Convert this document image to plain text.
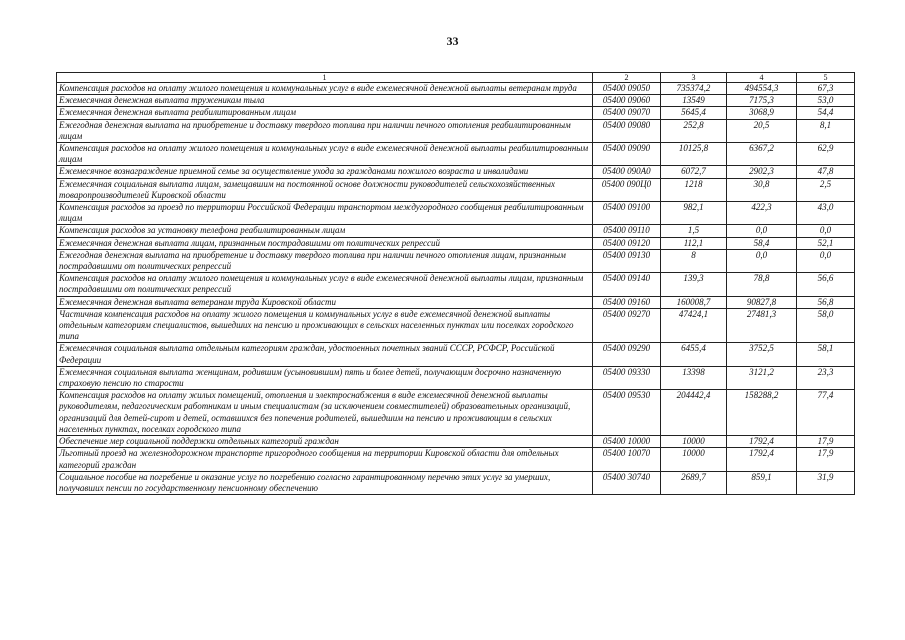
33
1	2	3	4	5
Компенсация расходов на оплату жилого помещения и коммунальных услуг в виде ежемесячной денежной выплаты ветеранам труда	05400 09050	735374,2	494554,3	67,3
Ежемесячная денежная выплата труженикам тыла	05400 09060	13549	7175,3	53,0
Ежемесячная денежная выплата реабилитированным лицам	05400 09070	5645,4	3068,9	54,4
Ежегодная денежная выплата на приобретение и доставку твердого топлива при наличии печного отопления реабилитированным лицам	05400 09080	252,8	20,5	8,1
Компенсация расходов на оплату жилого помещения и коммунальных услуг в виде ежемесячной денежной выплаты реабилитированным лицам	05400 09090	10125,8	6367,2	62,9
Ежемесячное вознаграждение приемной семье за осуществление ухода за гражданами пожилого возраста и инвалидами	05400 090А0	6072,7	2902,3	47,8
Ежемесячная социальная выплата лицам, замещавшим на постоянной основе должности руководителей сельскохозяйственных товаропроизводителей Кировской области	05400 090Ц0	1218	30,8	2,5
Компенсация расходов за проезд по территории Российской Федерации транспортом междугородного сообщения реабилитированным лицам	05400 09100	982,1	422,3	43,0
Компенсация расходов за установку телефона реабилитированным лицам	05400 09110	1,5	0,0	0,0
Ежемесячная денежная выплата лицам, признанным пострадавшими от политических репрессий	05400 09120	112,1	58,4	52,1
Ежегодная денежная выплата на приобретение и доставку твердого топлива при наличии печного отопления лицам, признанным пострадавшими от политических репрессий	05400 09130	8	0,0	0,0
Компенсация расходов на оплату жилого помещения и коммунальных услуг в виде ежемесячной денежной выплаты лицам, признанным пострадавшими от политических репрессий	05400 09140	139,3	78,8	56,6
Ежемесячная денежная выплата ветеранам труда Кировской области	05400 09160	160008,7	90827,8	56,8
Частичная компенсация расходов на оплату жилого помещения и коммунальных услуг в виде ежемесячной денежной выплаты отдельным категориям специалистов, вышедших на пенсию и проживающих в сельских населенных пунктах или поселках городского типа	05400 09270	47424,1	27481,3	58,0
Ежемесячная социальная выплата отдельным категориям граждан, удостоенных почетных званий СССР, РСФСР, Российской Федерации	05400 09290	6455,4	3752,5	58,1
Ежемесячная социальная выплата женщинам, родившим (усыновившим) пять и более детей, получающим досрочно назначенную страховую пенсию по старости	05400 09330	13398	3121,2	23,3
Компенсация расходов на оплату жилых помещений, отопления и электроснабжения в виде ежемесячной денежной выплаты руководителям, педагогическим работникам и иным специалистам (за исключением совместителей) образовательных организаций, организаций для детей-сирот и детей, оставшихся без попечения родителей, вышедшим на пенсию и проживающим в сельских населенных пунктах, поселках городского типа	05400 09530	204442,4	158288,2	77,4
Обеспечение мер социальной поддержки отдельных категорий граждан	05400 10000	10000	1792,4	17,9
Льготный проезд на железнодорожном транспорте пригородного сообщения на территории Кировской области для отдельных категорий граждан	05400 10070	10000	1792,4	17,9
Социальное пособие на погребение и оказание услуг по погребению согласно гарантированному перечню этих услуг за умерших, получавших пенсии по государственному пенсионному обеспечению	05400 30740	2689,7	859,1	31,9
